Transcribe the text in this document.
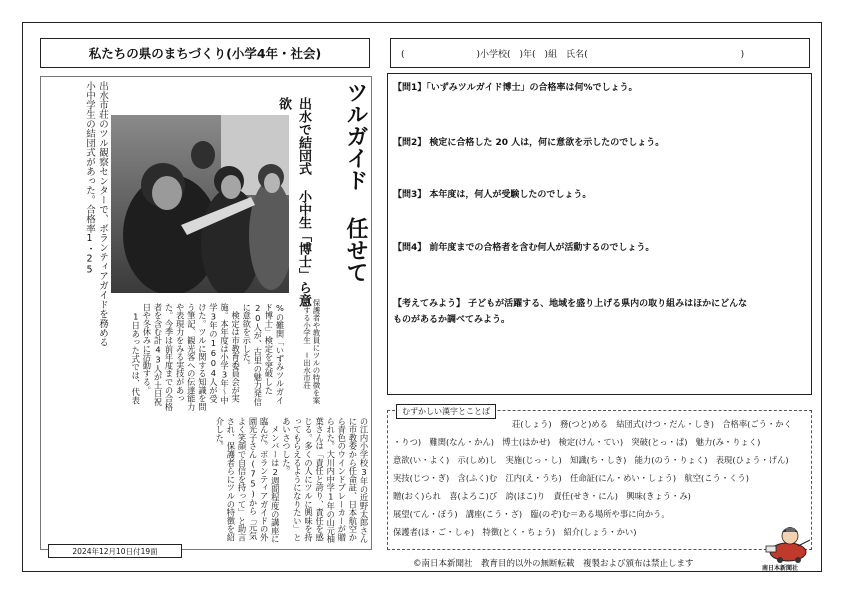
私たちの県のまちづくり(小学4年・社会)	(　　　　　　　　)小学校(　)年(　)組　氏名(　　　　　　　　　　　　　　　　　)
ツルガイド 任せて
出水で結団式 小中生「博士」ら意欲
出水市荘のツル観察センターで、ボランティアガイドを務める小中学生の結団式があった。合格率1・25
保護者や教員にツルの特徴を案内する小学生　＝出水市荘
%の難関「いずみツルガイド博士」検定を突破した20人が、古里の魅力発信に意欲を示した。
　検定は市教育委員会が実施。本年度は小学3年～中学3年の1604人が受けた。ツルに関する知識を問う筆記、観光客への伝達能力や表現力をみる実技があった。今季は前年度までの合格者を含む計43人が土日祝日や冬休みに活動する。
　1日あった式では、代表
の江内小学校3年の近野太郎さんに市教委から任命証、日本航空から青色のウインドブレーカーが贈られた。大川内中学1年の山元柚葉さんは「責任と誇り、責任を感じる。多くの人にツルに興味を持ってもらえるようになりたい」とあいさつした。
　メンバーは2週間程度の講座に臨んだ。ボランティアガイドの外園光子さん(75)から「元気よく笑顔で自信を持って」と助言され、保護者らにツルの特徴を紹介した。
2024年12月10日付19面
【問1】「いずみツルガイド博士」の合格率は何%でしょう。
【問2】 検定に合格した 20 人は，何に意欲を示したのでしょう。
【問3】 本年度は，何人が受験したのでしょう。
【問4】 前年度までの合格者を含む何人が活動するのでしょう。
【考えてみよう】 子どもが活躍する、地域を盛り上げる県内の取り組みはほかにどんな
ものがあるか調べてみよう。
むずかしい漢字とことば
荘(しょう)　務(つと)める　結団式(けつ・だん・しき)　合格率(ごう・かく
・りつ)　難関(なん・かん)　博士(はかせ)　検定(けん・てい)　突破(とっ・ぱ)　魅力(み・りょく)
意欲(い・よく)　示(しめ)し　実施(じっ・し)　知識(ち・しき)　能力(のう・りょく)　表現(ひょう・げん)
実技(じつ・ぎ)　含(ふく)む　江内(え・うち)　任命証(にん・めい・しょう)　航空(こう・くう)
贈(おく)られ　喜(よろこ)び　誇(ほこ)り　責任(せき・にん)　興味(きょう・み)
展望(てん・ぼう)　講座(こう・ざ)　臨(のぞ)む＝ある場所や事に向かう。
保護者(ほ・ご・しゃ)　特徴(とく・ちょう)　紹介(しょう・かい)
©南日本新聞社　教育目的以外の無断転載　複製および頒布は禁止します	南日本新聞社
